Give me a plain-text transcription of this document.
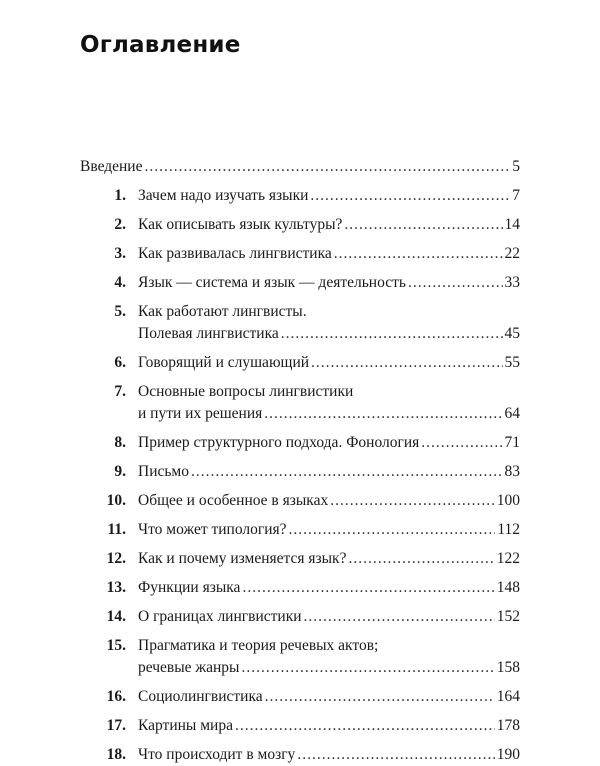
Оглавление
Введение .....	5
1. Зачем надо изучать языки .....	7
2. Как описывать язык культуры? .....	14
3. Как развивалась лингвистика .....	22
4. Язык — система и язык — деятельность .....	33
5. Как работают лингвисты.
Полевая лингвистика .....	45
6. Говорящий и слушающий .....	55
7. Основные вопросы лингвистики
и пути их решения .....	64
8. Пример структурного подхода. Фонология .....	71
9. Письмо .....	83
10. Общее и особенное в языках .....	100
11. Что может типология? .....	112
12. Как и почему изменяется язык? .....	122
13. Функции языка .....	148
14. О границах лингвистики .....	152
15. Прагматика и теория речевых актов;
речевые жанры .....	158
16. Социолингвистика .....	164
17. Картины мира .....	178
18. Что происходит в мозгу .....	190
